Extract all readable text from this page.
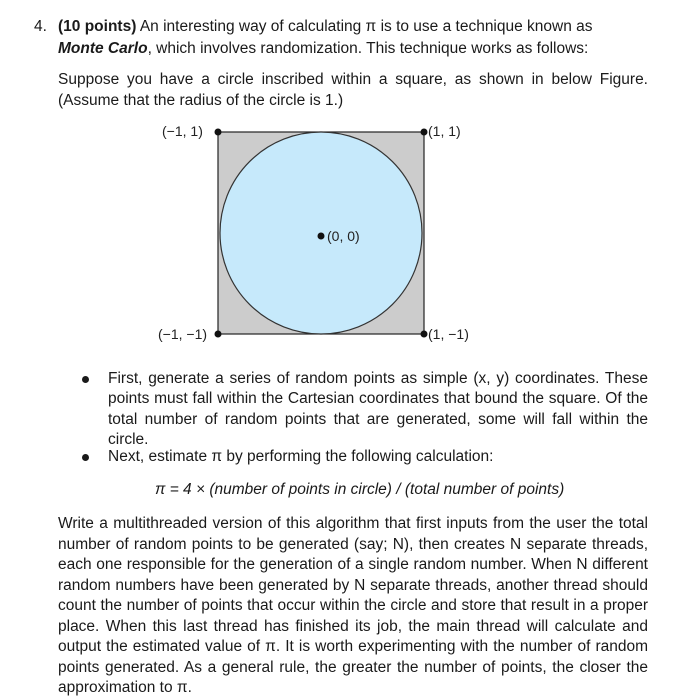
4. (10 points) An interesting way of calculating π is to use a technique known as
Monte Carlo, which involves randomization. This technique works as follows:
Suppose you have a circle inscribed within a square, as shown in below Figure. (Assume that the radius of the circle is 1.)
(−1, 1)	(1, 1)
(0, 0)
(−1, −1)	(1, −1)
First, generate a series of random points as simple (x, y) coordinates. These points must fall within the Cartesian coordinates that bound the square. Of the total number of random points that are generated, some will fall within the circle.
Next, estimate π by performing the following calculation:
π = 4 × (number of points in circle) / (total number of points)
Write a multithreaded version of this algorithm that first inputs from the user the total number of random points to be generated (say; N), then creates N separate threads, each one responsible for the generation of a single random number. When N different random numbers have been generated by N separate threads, another thread should count the number of points that occur within the circle and store that result in a proper place. When this last thread has finished its job, the main thread will calculate and output the estimated value of π. It is worth experimenting with the number of random points generated. As a general rule, the greater the number of points, the closer the approximation to π.
